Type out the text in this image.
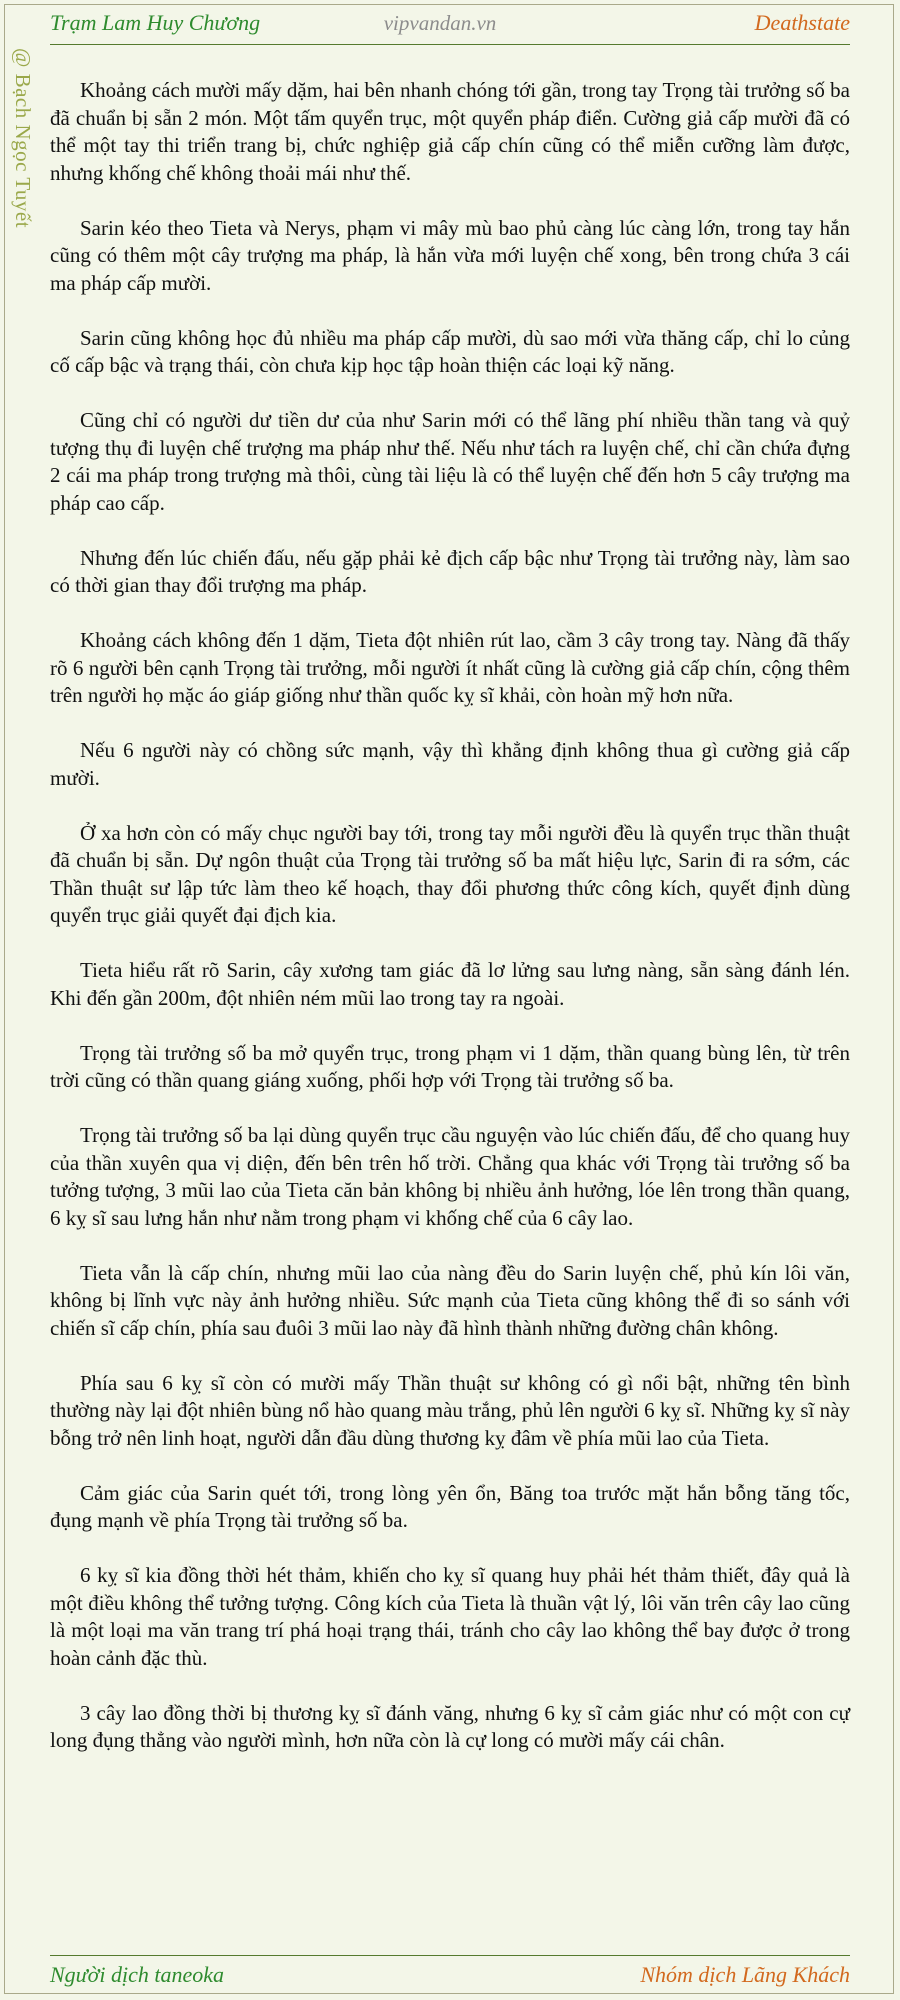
Trạm Lam Huy Chương	vipvandan.vn	Deathstate
@ Bạch Ngọc Tuyết	Khoảng cách mười mấy dặm, hai bên nhanh chóng tới gần, trong tay Trọng tài trưởng số ba đã chuẩn bị sẵn 2 món. Một tấm quyển trục, một quyển pháp điển. Cường giả cấp mười đã có thể một tay thi triển trang bị, chức nghiệp giả cấp chín cũng có thể miễn cưỡng làm được, nhưng khống chế không thoải mái như thế.

Sarin kéo theo Tieta và Nerys, phạm vi mây mù bao phủ càng lúc càng lớn, trong tay hắn cũng có thêm một cây trượng ma pháp, là hắn vừa mới luyện chế xong, bên trong chứa 3 cái ma pháp cấp mười.

Sarin cũng không học đủ nhiều ma pháp cấp mười, dù sao mới vừa thăng cấp, chỉ lo củng cố cấp bậc và trạng thái, còn chưa kịp học tập hoàn thiện các loại kỹ năng.

Cũng chỉ có người dư tiền dư của như Sarin mới có thể lãng phí nhiều thần tang và quỷ tượng thụ đi luyện chế trượng ma pháp như thế. Nếu như tách ra luyện chế, chỉ cần chứa đựng 2 cái ma pháp trong trượng mà thôi, cùng tài liệu là có thể luyện chế đến hơn 5 cây trượng ma pháp cao cấp.

Nhưng đến lúc chiến đấu, nếu gặp phải kẻ địch cấp bậc như Trọng tài trưởng này, làm sao có thời gian thay đổi trượng ma pháp.

Khoảng cách không đến 1 dặm, Tieta đột nhiên rút lao, cầm 3 cây trong tay. Nàng đã thấy rõ 6 người bên cạnh Trọng tài trưởng, mỗi người ít nhất cũng là cường giả cấp chín, cộng thêm trên người họ mặc áo giáp giống như thần quốc kỵ sĩ khải, còn hoàn mỹ hơn nữa.

Nếu 6 người này có chồng sức mạnh, vậy thì khẳng định không thua gì cường giả cấp mười.

Ở xa hơn còn có mấy chục người bay tới, trong tay mỗi người đều là quyển trục thần thuật đã chuẩn bị sẵn. Dự ngôn thuật của Trọng tài trưởng số ba mất hiệu lực, Sarin đi ra sớm, các Thần thuật sư lập tức làm theo kế hoạch, thay đổi phương thức công kích, quyết định dùng quyển trục giải quyết đại địch kia.

Tieta hiểu rất rõ Sarin, cây xương tam giác đã lơ lửng sau lưng nàng, sẵn sàng đánh lén. Khi đến gần 200m, đột nhiên ném mũi lao trong tay ra ngoài.

Trọng tài trưởng số ba mở quyển trục, trong phạm vi 1 dặm, thần quang bùng lên, từ trên trời cũng có thần quang giáng xuống, phối hợp với Trọng tài trưởng số ba.

Trọng tài trưởng số ba lại dùng quyển trục cầu nguyện vào lúc chiến đấu, để cho quang huy của thần xuyên qua vị diện, đến bên trên hố trời. Chẳng qua khác với Trọng tài trưởng số ba tưởng tượng, 3 mũi lao của Tieta căn bản không bị nhiều ảnh hưởng, lóe lên trong thần quang, 6 kỵ sĩ sau lưng hắn như nằm trong phạm vi khống chế của 6 cây lao.

Tieta vẫn là cấp chín, nhưng mũi lao của nàng đều do Sarin luyện chế, phủ kín lôi văn, không bị lĩnh vực này ảnh hưởng nhiều. Sức mạnh của Tieta cũng không thể đi so sánh với chiến sĩ cấp chín, phía sau đuôi 3 mũi lao này đã hình thành những đường chân không.

Phía sau 6 kỵ sĩ còn có mười mấy Thần thuật sư không có gì nổi bật, những tên bình thường này lại đột nhiên bùng nổ hào quang màu trắng, phủ lên người 6 kỵ sĩ. Những kỵ sĩ này bỗng trở nên linh hoạt, người dẫn đầu dùng thương kỵ đâm về phía mũi lao của Tieta.

Cảm giác của Sarin quét tới, trong lòng yên ổn, Băng toa trước mặt hắn bỗng tăng tốc, đụng mạnh về phía Trọng tài trưởng số ba.

6 kỵ sĩ kia đồng thời hét thảm, khiến cho kỵ sĩ quang huy phải hét thảm thiết, đây quả là một điều không thể tưởng tượng. Công kích của Tieta là thuần vật lý, lôi văn trên cây lao cũng là một loại ma văn trang trí phá hoại trạng thái, tránh cho cây lao không thể bay được ở trong hoàn cảnh đặc thù.

3 cây lao đồng thời bị thương kỵ sĩ đánh văng, nhưng 6 kỵ sĩ cảm giác như có một con cự long đụng thẳng vào người mình, hơn nữa còn là cự long có mười mấy cái chân.

Người dịch taneoka	Nhóm dịch Lãng Khách
